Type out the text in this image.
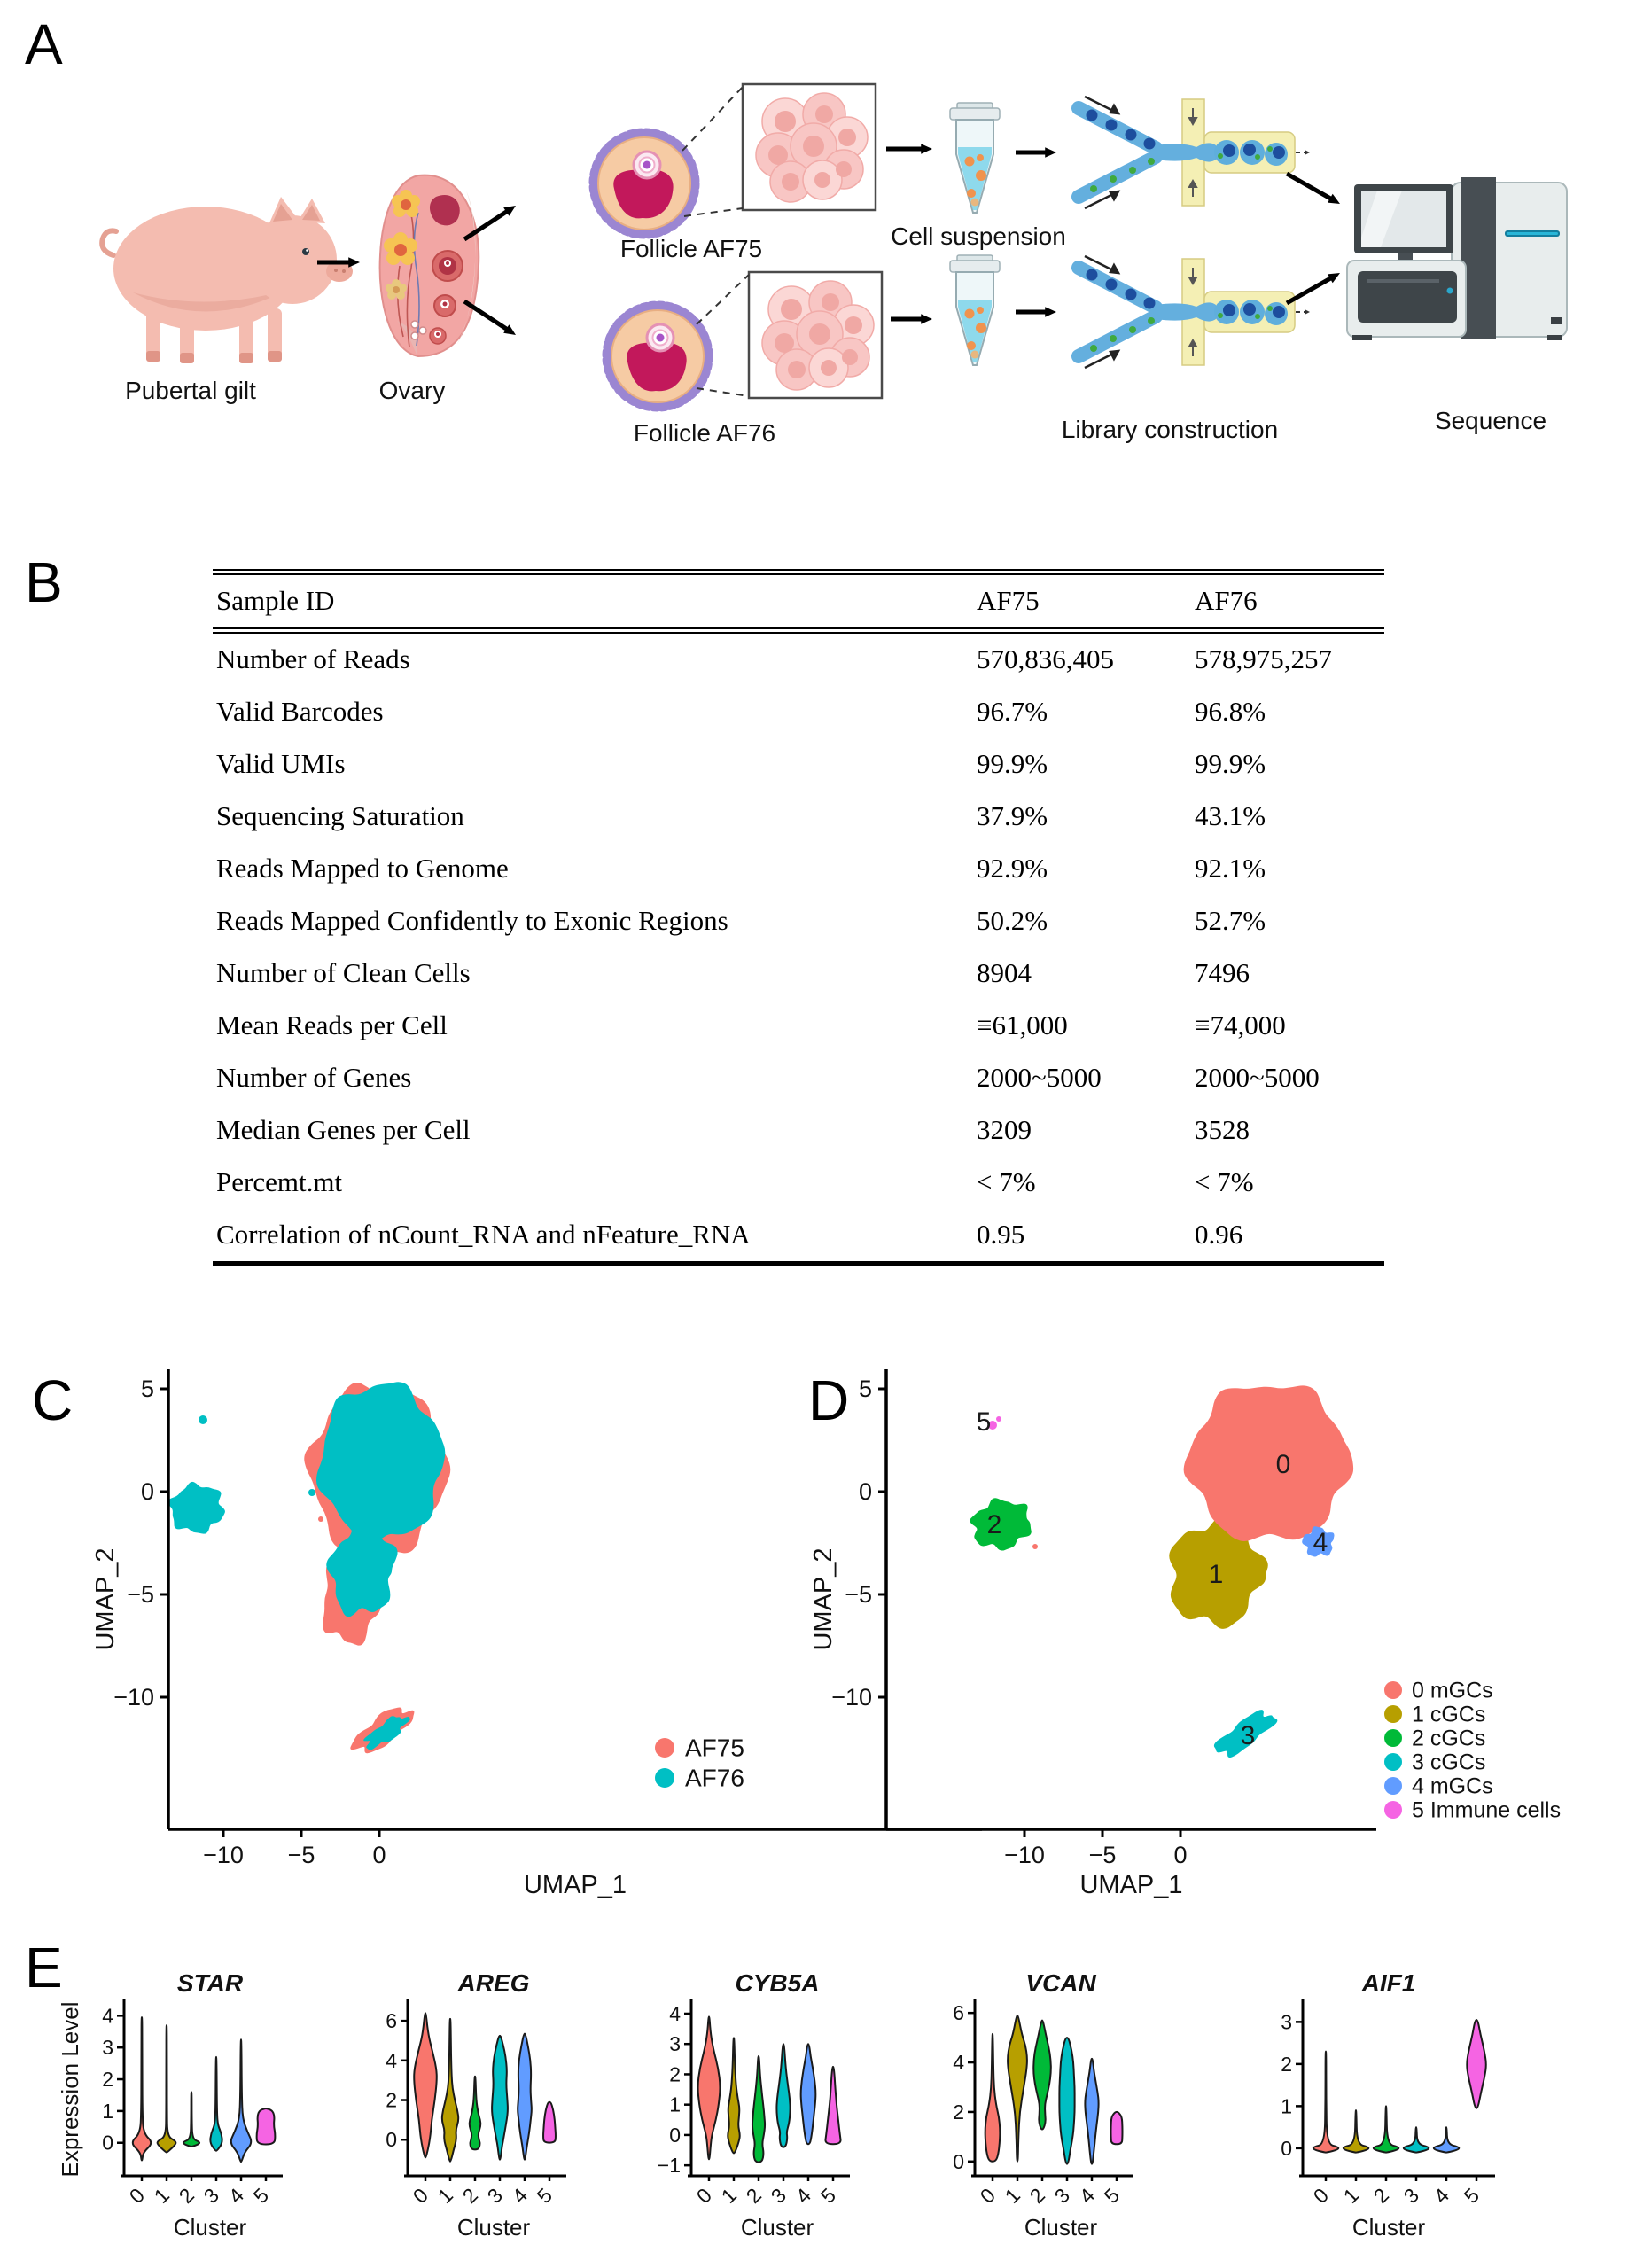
A
B
C	D
E
Pubertal gilt	Ovary
Follicle AF75
Follicle AF76
Cell suspension
Library construction	Sequence
Sample ID	AF75	AF76
Number of Reads	570,836,405	578,975,257
Valid Barcodes	96.7%	96.8%
Valid UMIs	99.9%	99.9%
Sequencing Saturation	37.9%	43.1%
Reads Mapped to Genome	92.9%	92.1%
Reads Mapped Confidently to Exonic Regions	50.2%	52.7%
Number of Clean Cells	8904	7496
Mean Reads per Cell	≡61,000	≡74,000
Number of Genes	2000~5000	2000~5000
Median Genes per Cell	3209	3528
Percemt.mt	< 7%	< 7%
Correlation of nCount_RNA and nFeature_RNA	0.95	0.96
5
0
−5
−10
−10 −5 0
UMAP_1
UMAP_2
AF75
AF76
5
0
−5
−10
−10 −5 0
UMAP_1
UMAP_2
0
1
2
3
4
5
0 mGCs
1 cGCs
2 cGCs
3 cGCs
4 mGCs
5 Immune cells
STAR
0
1
2
3
4
0 1 2 3 4 5
Cluster
Expression Level
AREG
0
2
4
6
0 1 2 3 4 5
Cluster
CYB5A
−1
0
1
2
3
4
0 1 2 3 4 5
Cluster
VCAN
0
2
4
6
0 1 2 3 4 5
Cluster
AIF1
0
1
2
3
0 1 2 3 4 5
Cluster
